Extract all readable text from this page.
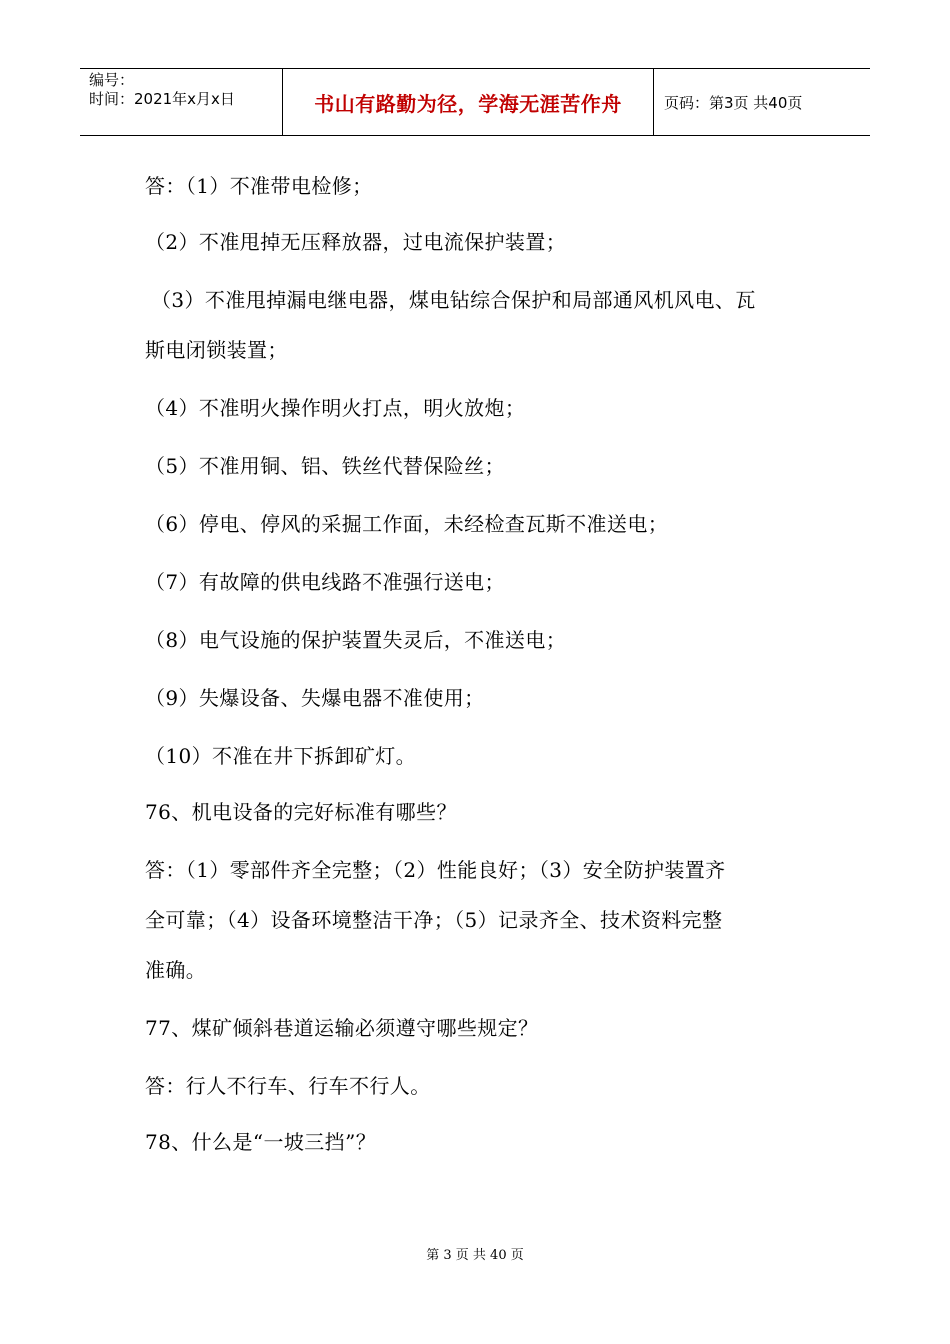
编号：
时间：2021年x月x日	书山有路勤为径，学海无涯苦作舟	页码：第3页 共40页
答：（1）不准带电检修；
（2）不准甩掉无压释放器，过电流保护装置；
（3）不准甩掉漏电继电器，煤电钻综合保护和局部通风机风电、瓦
斯电闭锁装置；
（4）不准明火操作明火打点，明火放炮；
（5）不准用铜、铝、铁丝代替保险丝；
（6）停电、停风的采掘工作面，未经检查瓦斯不准送电；
（7）有故障的供电线路不准强行送电；
（8）电气设施的保护装置失灵后，不准送电；
（9）失爆设备、失爆电器不准使用；
（10）不准在井下拆卸矿灯。
76、机电设备的完好标准有哪些？
答：（1）零部件齐全完整；（2）性能良好；（3）安全防护装置齐
全可靠；（4）设备环境整洁干净；（5）记录齐全、技术资料完整
准确。
77、煤矿倾斜巷道运输必须遵守哪些规定？
答：行人不行车、行车不行人。
78、什么是“一坡三挡”？
第 3 页 共 40 页
